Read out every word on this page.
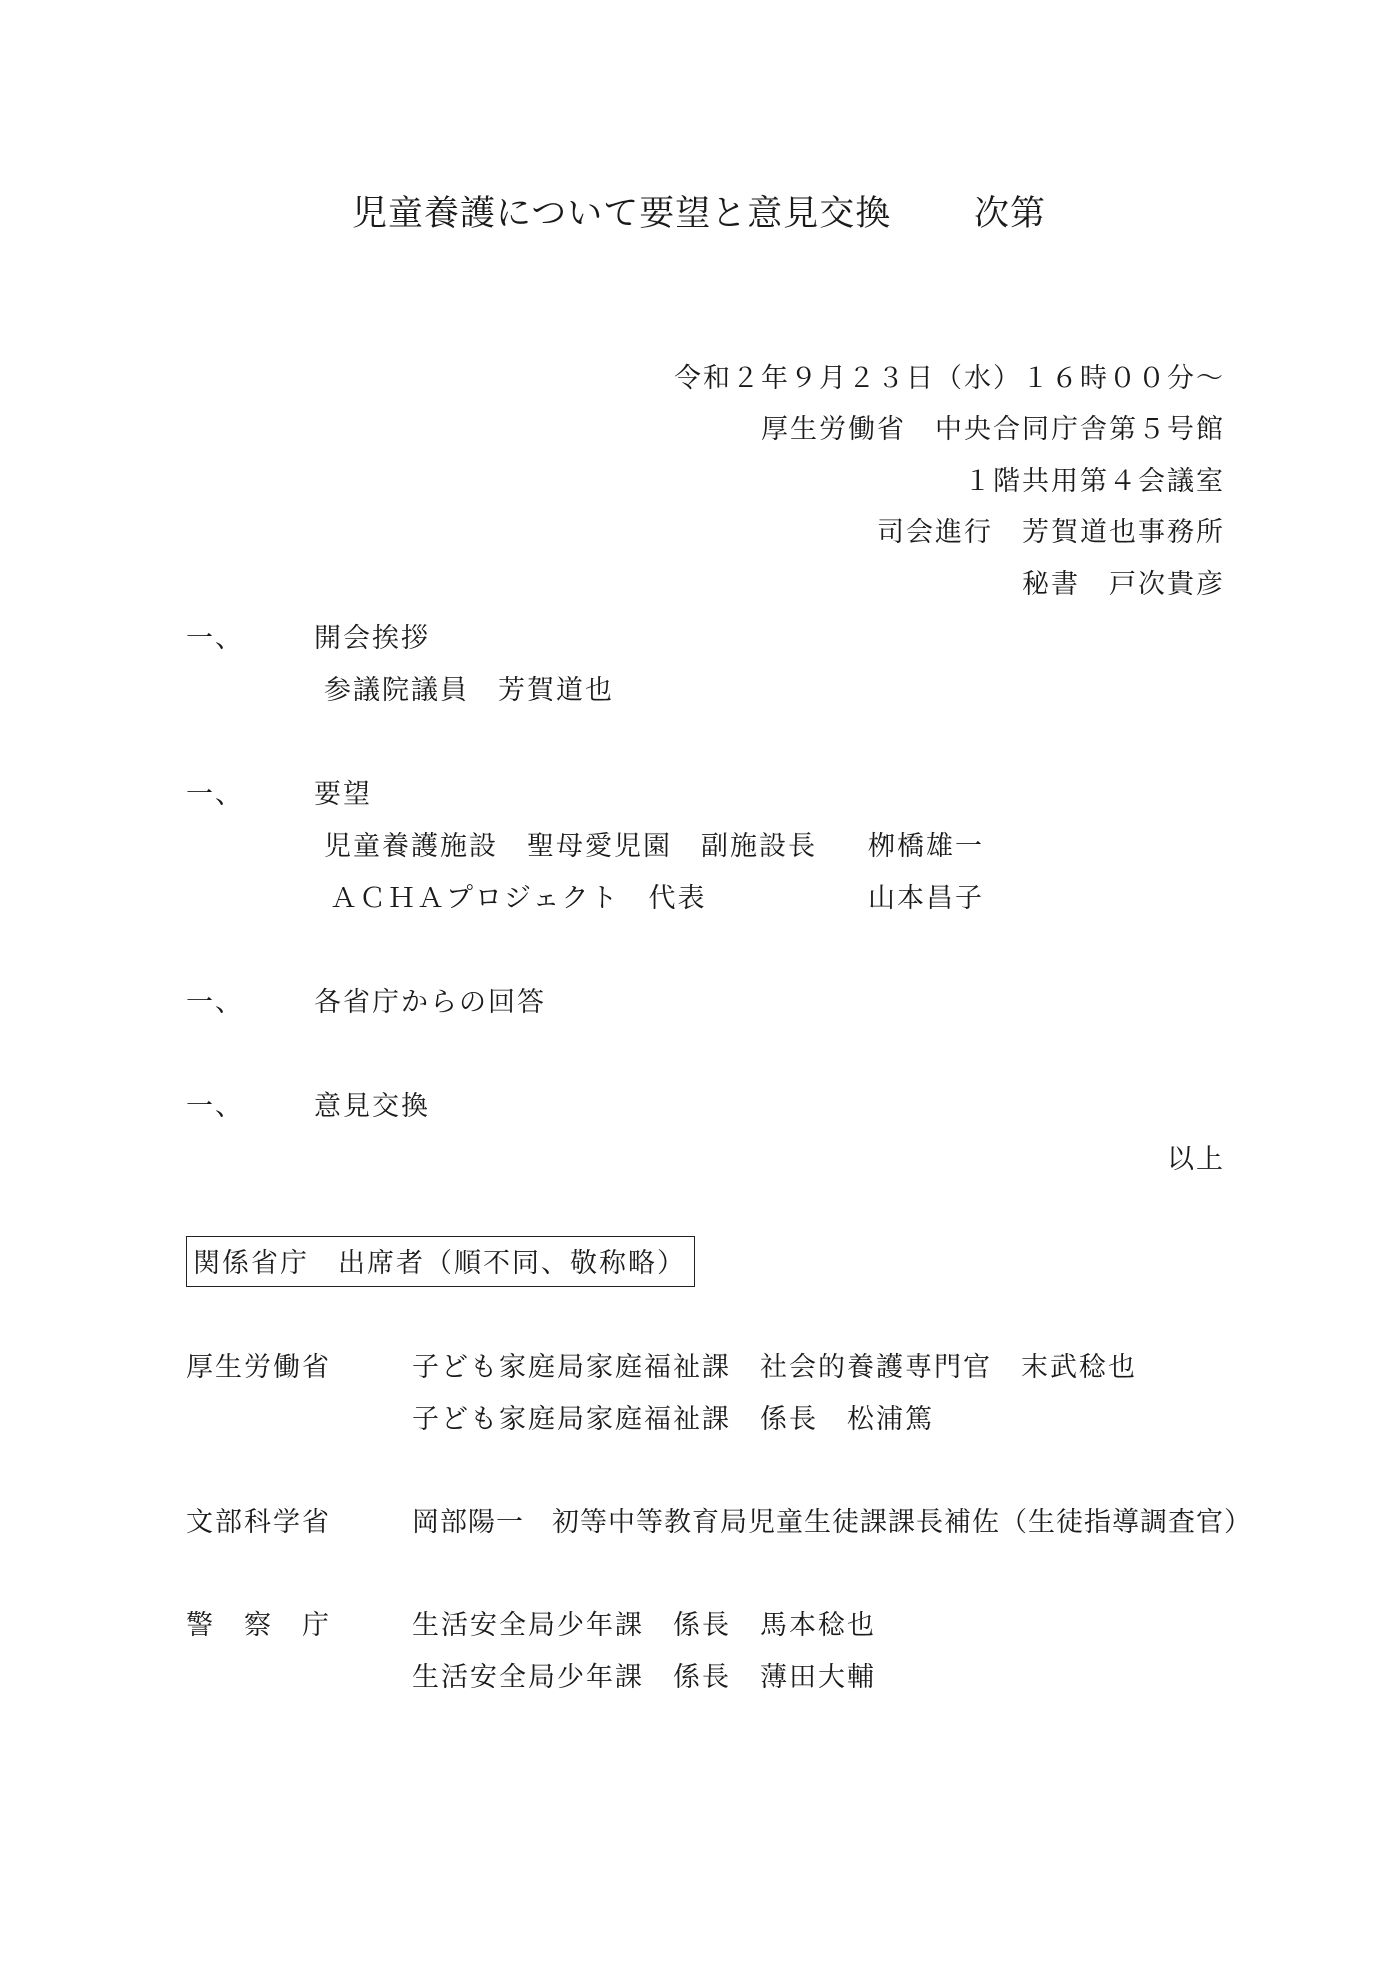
児童養護について要望と意見交換 次第
令和２年９月２３日（水）１６時００分～
厚生労働省　中央合同庁舎第５号館
１階共用第４会議室
司会進行　芳賀道也事務所
秘書　戸次貴彦
一、	開会挨拶
参議院議員　芳賀道也
一、	要望
児童養護施設　聖母愛児園　副施設長 栁橋雄一
ＡＣＨＡプロジェクト　代表	山本昌子
一、	各省庁からの回答
一、	意見交換
以上
関係省庁　出席者（順不同、敬称略）
厚生労働省	子ども家庭局家庭福祉課　社会的養護専門官　末武稔也
子ども家庭局家庭福祉課　係長　松浦篤
文部科学省	岡部陽一　初等中等教育局児童生徒課課長補佐（生徒指導調査官）
警　察　庁	生活安全局少年課　係長　馬本稔也
生活安全局少年課　係長　薄田大輔
